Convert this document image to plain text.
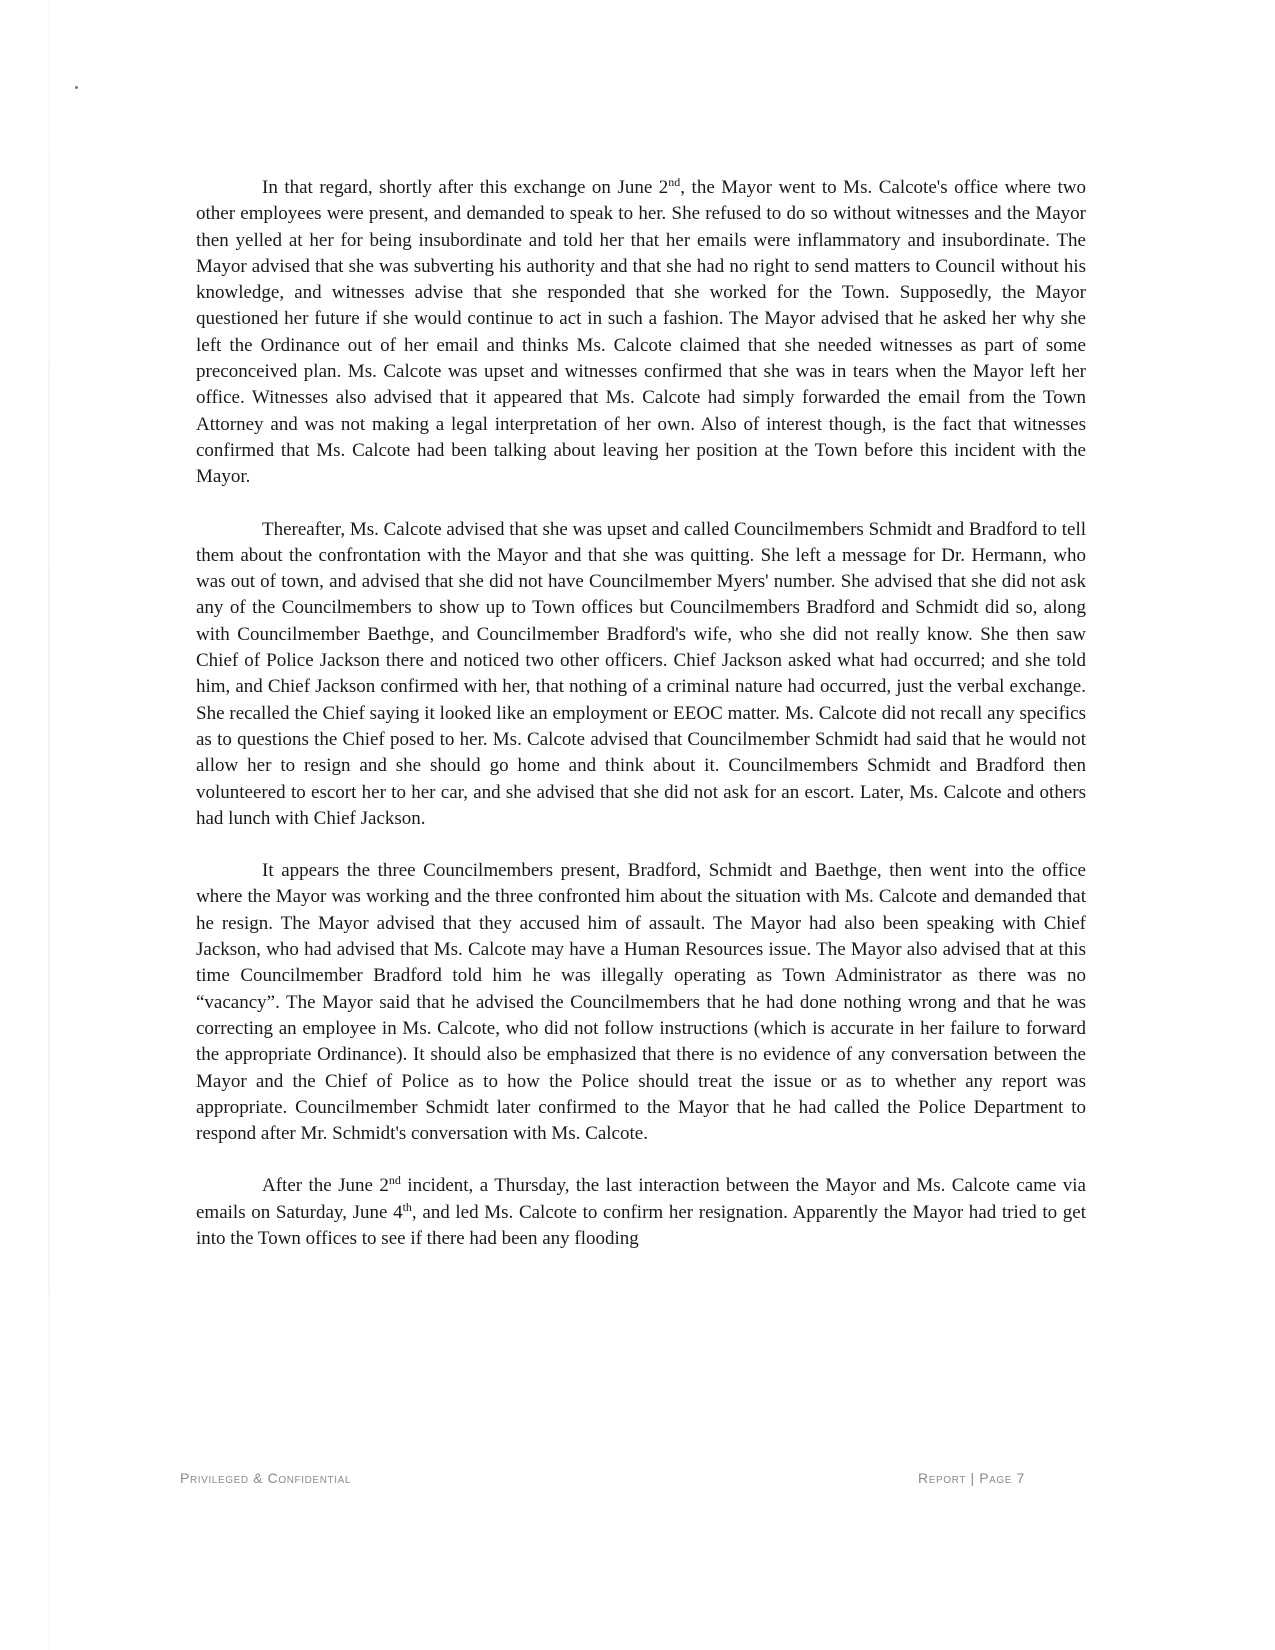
In that regard, shortly after this exchange on June 2nd, the Mayor went to Ms. Calcote's office where two other employees were present, and demanded to speak to her. She refused to do so without witnesses and the Mayor then yelled at her for being insubordinate and told her that her emails were inflammatory and insubordinate. The Mayor advised that she was subverting his authority and that she had no right to send matters to Council without his knowledge, and witnesses advise that she responded that she worked for the Town. Supposedly, the Mayor questioned her future if she would continue to act in such a fashion. The Mayor advised that he asked her why she left the Ordinance out of her email and thinks Ms. Calcote claimed that she needed witnesses as part of some preconceived plan. Ms. Calcote was upset and witnesses confirmed that she was in tears when the Mayor left her office. Witnesses also advised that it appeared that Ms. Calcote had simply forwarded the email from the Town Attorney and was not making a legal interpretation of her own. Also of interest though, is the fact that witnesses confirmed that Ms. Calcote had been talking about leaving her position at the Town before this incident with the Mayor.

Thereafter, Ms. Calcote advised that she was upset and called Councilmembers Schmidt and Bradford to tell them about the confrontation with the Mayor and that she was quitting. She left a message for Dr. Hermann, who was out of town, and advised that she did not have Councilmember Myers' number. She advised that she did not ask any of the Councilmembers to show up to Town offices but Councilmembers Bradford and Schmidt did so, along with Councilmember Baethge, and Councilmember Bradford's wife, who she did not really know. She then saw Chief of Police Jackson there and noticed two other officers. Chief Jackson asked what had occurred; and she told him, and Chief Jackson confirmed with her, that nothing of a criminal nature had occurred, just the verbal exchange. She recalled the Chief saying it looked like an employment or EEOC matter. Ms. Calcote did not recall any specifics as to questions the Chief posed to her. Ms. Calcote advised that Councilmember Schmidt had said that he would not allow her to resign and she should go home and think about it. Councilmembers Schmidt and Bradford then volunteered to escort her to her car, and she advised that she did not ask for an escort. Later, Ms. Calcote and others had lunch with Chief Jackson.

It appears the three Councilmembers present, Bradford, Schmidt and Baethge, then went into the office where the Mayor was working and the three confronted him about the situation with Ms. Calcote and demanded that he resign. The Mayor advised that they accused him of assault. The Mayor had also been speaking with Chief Jackson, who had advised that Ms. Calcote may have a Human Resources issue. The Mayor also advised that at this time Councilmember Bradford told him he was illegally operating as Town Administrator as there was no “vacancy”. The Mayor said that he advised the Councilmembers that he had done nothing wrong and that he was correcting an employee in Ms. Calcote, who did not follow instructions (which is accurate in her failure to forward the appropriate Ordinance). It should also be emphasized that there is no evidence of any conversation between the Mayor and the Chief of Police as to how the Police should treat the issue or as to whether any report was appropriate. Councilmember Schmidt later confirmed to the Mayor that he had called the Police Department to respond after Mr. Schmidt's conversation with Ms. Calcote.

After the June 2nd incident, a Thursday, the last interaction between the Mayor and Ms. Calcote came via emails on Saturday, June 4th, and led Ms. Calcote to confirm her resignation. Apparently the Mayor had tried to get into the Town offices to see if there had been any flooding

Privileged & Confidential	Report | Page 7
